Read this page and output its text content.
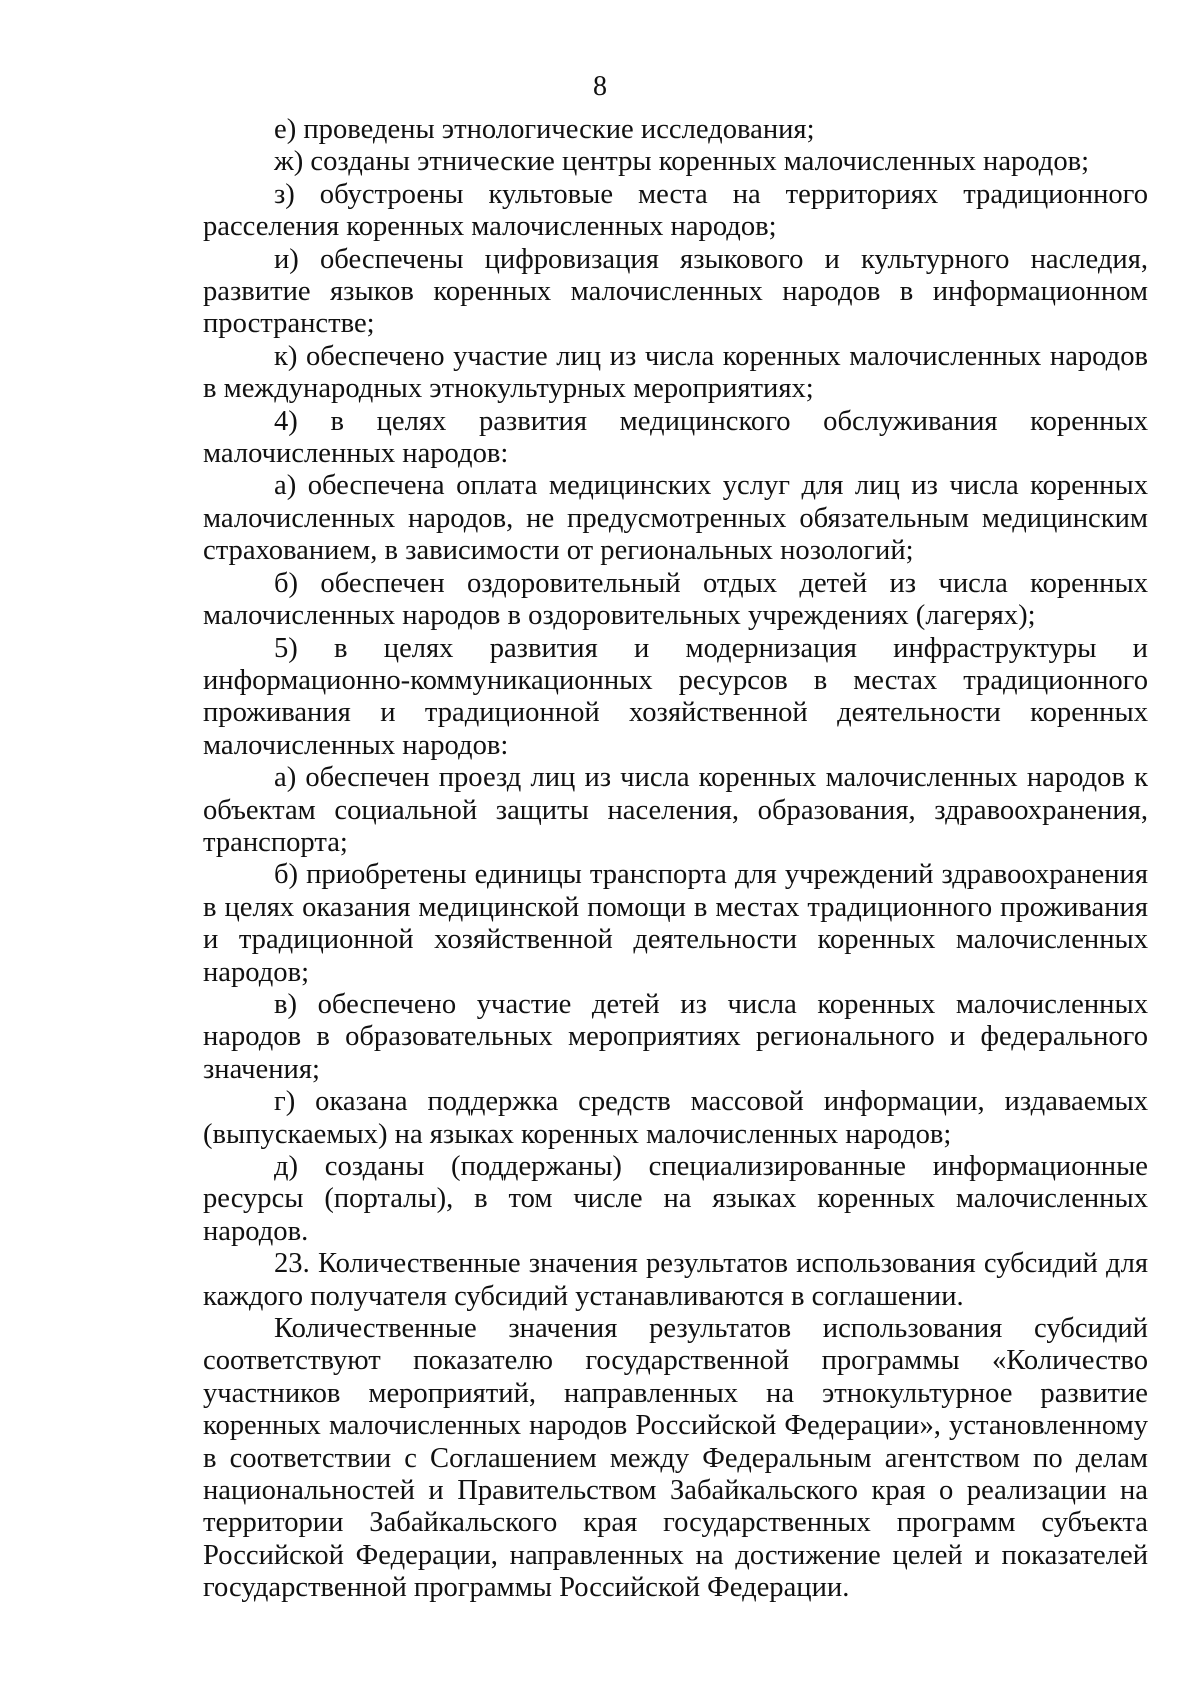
8

е) проведены этнологические исследования;

ж) созданы этнические центры коренных малочисленных народов;

з) обустроены культовые места на территориях традиционного расселения коренных малочисленных народов;

и) обеспечены цифровизация языкового и культурного наследия, развитие языков коренных малочисленных народов в информационном пространстве;

к) обеспечено участие лиц из числа коренных малочисленных народов в международных этнокультурных мероприятиях;

4) в целях развития медицинского обслуживания коренных малочисленных народов:

а) обеспечена оплата медицинских услуг для лиц из числа коренных малочисленных народов, не предусмотренных обязательным медицинским страхованием, в зависимости от региональных нозологий;

б) обеспечен оздоровительный отдых детей из числа коренных малочисленных народов в оздоровительных учреждениях (лагерях);

5) в целях развития и модернизация инфраструктуры и информационно-коммуникационных ресурсов в местах традиционного проживания и традиционной хозяйственной деятельности коренных малочисленных народов:

а) обеспечен проезд лиц из числа коренных малочисленных народов к объектам социальной защиты населения, образования, здравоохранения, транспорта;

б) приобретены единицы транспорта для учреждений здравоохранения в целях оказания медицинской помощи в местах традиционного проживания и традиционной хозяйственной деятельности коренных малочисленных народов;

в) обеспечено участие детей из числа коренных малочисленных народов в образовательных мероприятиях регионального и федерального значения;

г) оказана поддержка средств массовой информации, издаваемых (выпускаемых) на языках коренных малочисленных народов;

д) созданы (поддержаны) специализированные информационные ресурсы (порталы), в том числе на языках коренных малочисленных народов.

23. Количественные значения результатов использования субсидий для каждого получателя субсидий устанавливаются в соглашении.

Количественные значения результатов использования субсидий соответствуют показателю государственной программы «Количество участников мероприятий, направленных на этнокультурное развитие коренных малочисленных народов Российской Федерации», установленному в соответствии с Соглашением между Федеральным агентством по делам национальностей и Правительством Забайкальского края о реализации на территории Забайкальского края государственных программ субъекта Российской Федерации, направленных на достижение целей и показателей государственной программы Российской Федерации.
